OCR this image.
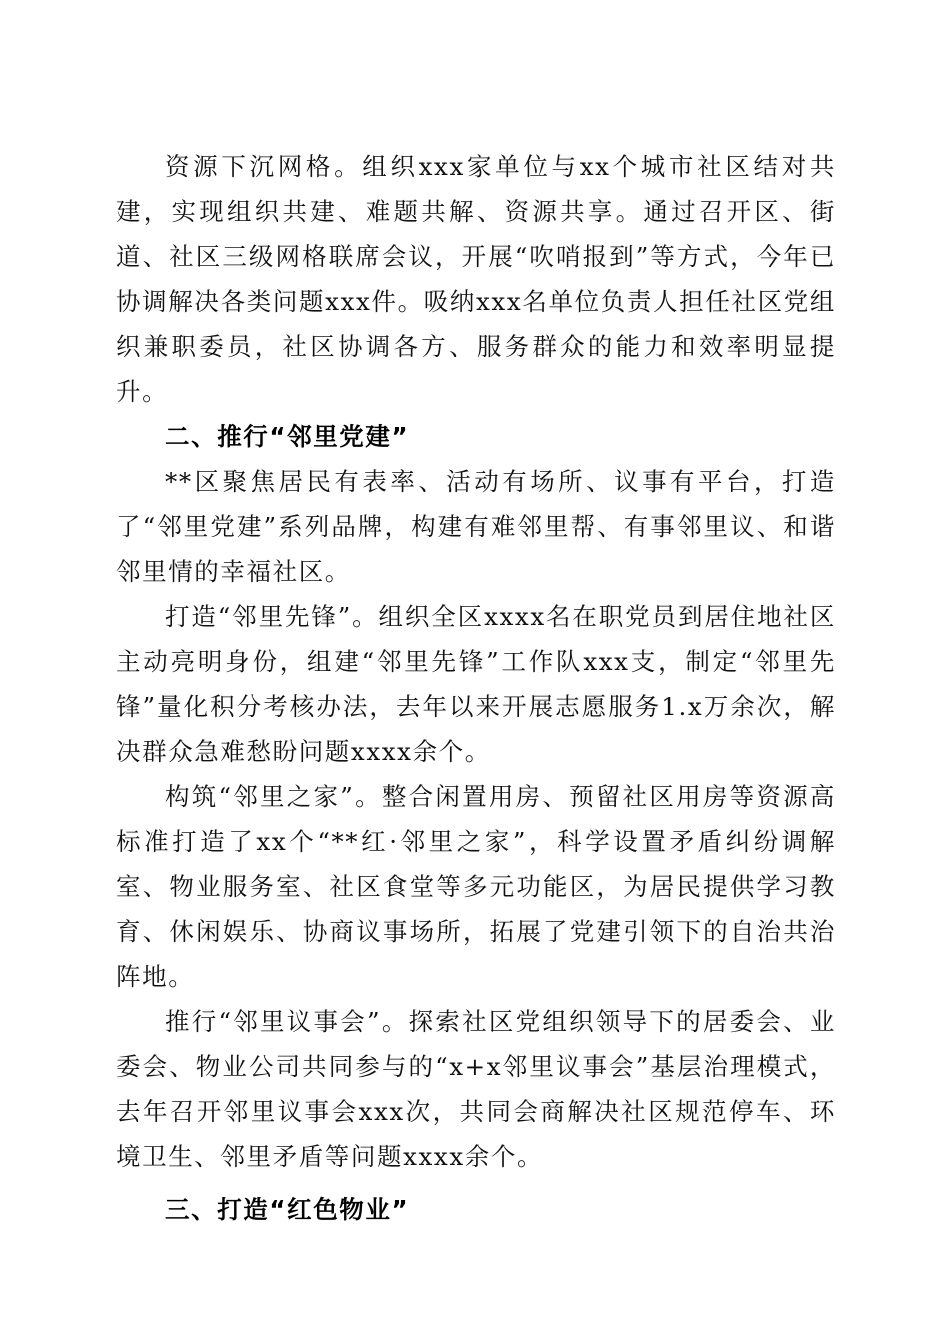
资源下沉网格。组织xxx家单位与xx个城市社区结对共建，实现组织共建、难题共解、资源共享。通过召开区、街道、社区三级网格联席会议，开展“吹哨报到”等方式，今年已协调解决各类问题xxx件。吸纳xxx名单位负责人担任社区党组织兼职委员，社区协调各方、服务群众的能力和效率明显提升。

二、推行“邻里党建”

**区聚焦居民有表率、活动有场所、议事有平台，打造了“邻里党建”系列品牌，构建有难邻里帮、有事邻里议、和谐邻里情的幸福社区。

打造“邻里先锋”。组织全区xxxx名在职党员到居住地社区主动亮明身份，组建“邻里先锋”工作队xxx支，制定“邻里先锋”量化积分考核办法，去年以来开展志愿服务1.x万余次，解决群众急难愁盼问题xxxx余个。

构筑“邻里之家”。整合闲置用房、预留社区用房等资源高标准打造了xx个“**红·邻里之家”，科学设置矛盾纠纷调解室、物业服务室、社区食堂等多元功能区，为居民提供学习教育、休闲娱乐、协商议事场所，拓展了党建引领下的自治共治阵地。

推行“邻里议事会”。探索社区党组织领导下的居委会、业委会、物业公司共同参与的“x+x邻里议事会”基层治理模式，去年召开邻里议事会xxx次，共同会商解决社区规范停车、环境卫生、邻里矛盾等问题xxxx余个。

三、打造“红色物业”
